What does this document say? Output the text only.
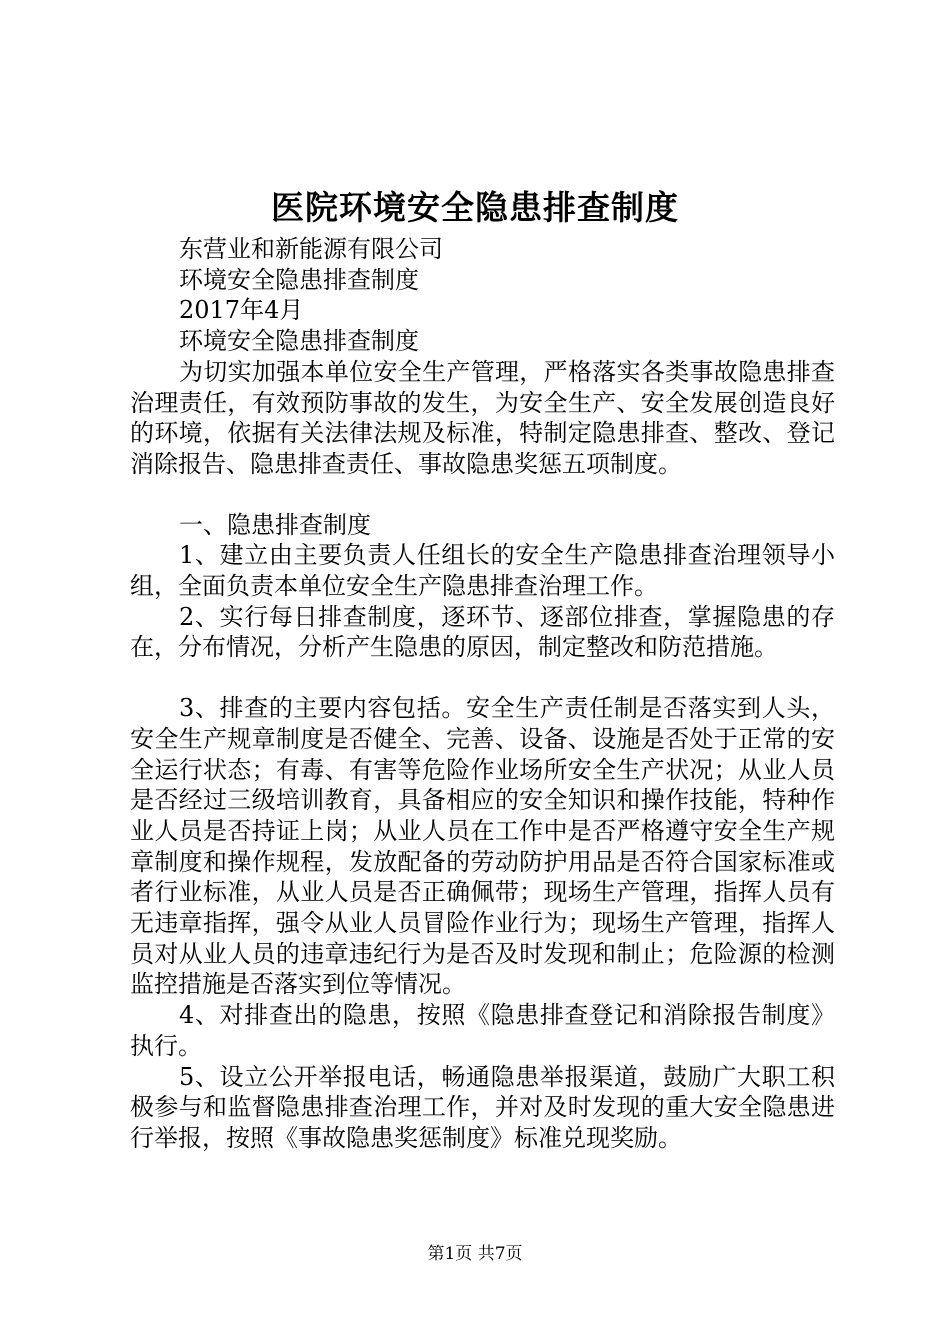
医院环境安全隐患排查制度

东营业和新能源有限公司

环境安全隐患排查制度

2017年4月

环境安全隐患排查制度

为切实加强本单位安全生产管理，严格落实各类事故隐患排查治理责任，有效预防事故的发生，为安全生产、安全发展创造良好的环境，依据有关法律法规及标准，特制定隐患排查、整改、登记消除报告、隐患排查责任、事故隐患奖惩五项制度。

一、隐患排查制度

1、建立由主要负责人任组长的安全生产隐患排查治理领导小组，全面负责本单位安全生产隐患排查治理工作。

2、实行每日排查制度，逐环节、逐部位排查，掌握隐患的存在，分布情况，分析产生隐患的原因，制定整改和防范措施。

3、排查的主要内容包括。安全生产责任制是否落实到人头，安全生产规章制度是否健全、完善、设备、设施是否处于正常的安全运行状态；有毒、有害等危险作业场所安全生产状况；从业人员是否经过三级培训教育，具备相应的安全知识和操作技能，特种作业人员是否持证上岗；从业人员在工作中是否严格遵守安全生产规章制度和操作规程，发放配备的劳动防护用品是否符合国家标准或者行业标准，从业人员是否正确佩带；现场生产管理，指挥人员有无违章指挥，强令从业人员冒险作业行为；现场生产管理，指挥人员对从业人员的违章违纪行为是否及时发现和制止；危险源的检测监控措施是否落实到位等情况。

4、对排查出的隐患，按照《隐患排查登记和消除报告制度》执行。

5、设立公开举报电话，畅通隐患举报渠道，鼓励广大职工积极参与和监督隐患排查治理工作，并对及时发现的重大安全隐患进行举报，按照《事故隐患奖惩制度》标准兑现奖励。

第1页 共7页
